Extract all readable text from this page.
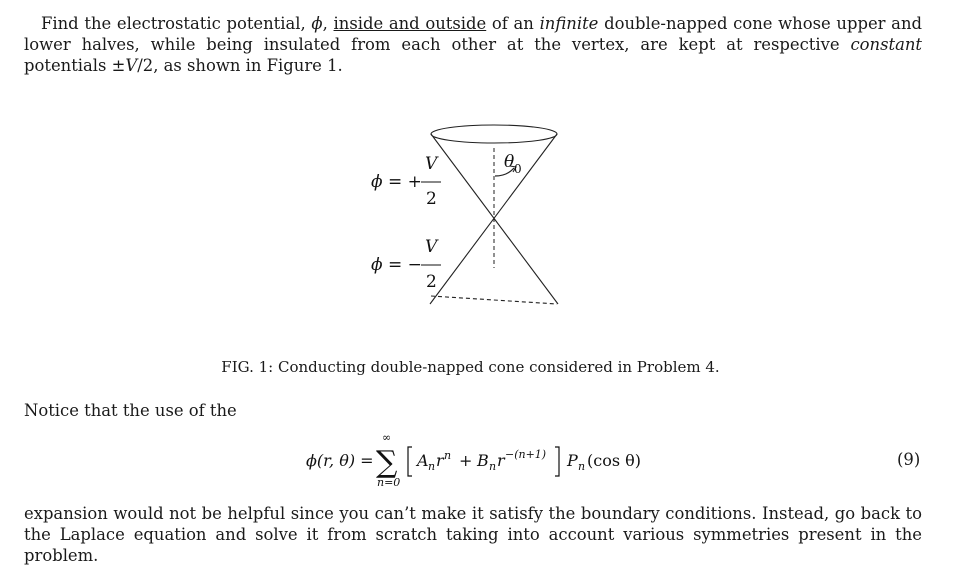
Find the electrostatic potential, ϕ, inside and outside of an infinite double-napped cone whose upper and lower halves, while being insulated from each other at the vertex, are kept at respective constant potentials ±V/2, as shown in Figure 1.

θ 0
ϕ = +
V
2
ϕ = −
V
2

FIG. 1: Conducting double-napped cone considered in Problem 4.

Notice that the use of the

ϕ(r, θ) =
∞
∑
n=0
A n r n + B n r −(n+1) P n (cos θ)	(9)

expansion would not be helpful since you can’t make it satisfy the boundary conditions. Instead, go back to the Laplace equation and solve it from scratch taking into account various symmetries present in the problem.
